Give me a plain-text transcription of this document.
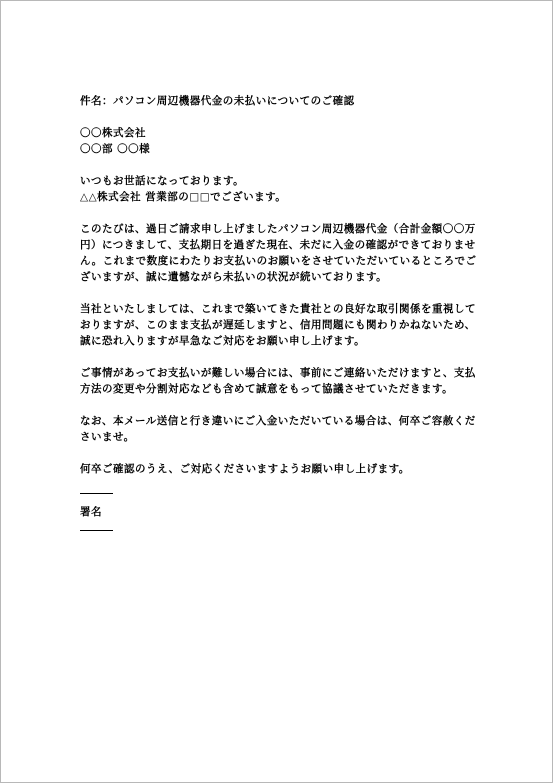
件名：パソコン周辺機器代金の未払いについてのご確認

〇〇株式会社

〇〇部 〇〇様

いつもお世話になっております。

△△株式会社 営業部の□□でございます。

このたびは、過日ご請求申し上げましたパソコン周辺機器代金（合計金額〇〇万円）につきまして、支払期日を過ぎた現在、未だに入金の確認ができておりません。これまで数度にわたりお支払いのお願いをさせていただいているところでございますが、誠に遺憾ながら未払いの状況が続いております。

当社といたしましては、これまで築いてきた貴社との良好な取引関係を重視しておりますが、このまま支払が遅延しますと、信用問題にも関わりかねないため、誠に恐れ入りますが早急なご対応をお願い申し上げます。

ご事情があってお支払いが難しい場合には、事前にご連絡いただけますと、支払方法の変更や分割対応なども含めて誠意をもって協議させていただきます。

なお、本メール送信と行き違いにご入金いただいている場合は、何卒ご容赦くださいませ。

何卒ご確認のうえ、ご対応くださいますようお願い申し上げます。

署名
